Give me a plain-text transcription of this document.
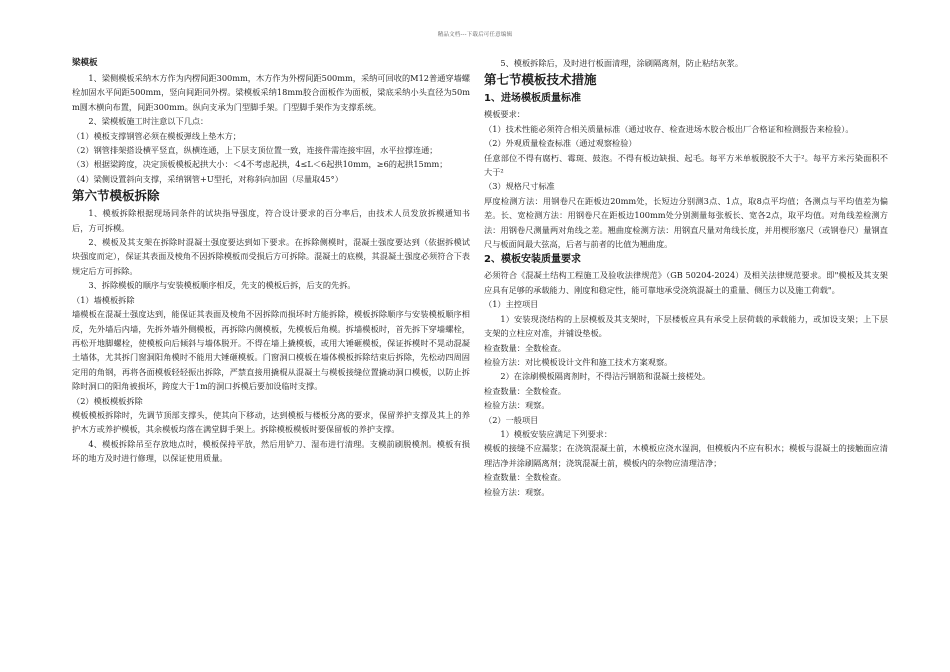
精品文档---下载后可任意编辑
梁模板
1、梁侧模板采纳木方作为内楞间距300mm，木方作为外楞间距500mm，采纳可回收的M12普通穿墙螺栓加固水平间距500mm，竖向间距同外楞。梁模板采纳18mm胶合面板作为面板，梁底采纳小头直径为50mm圆木横向布置，间距300mm。纵向支承为门型脚手架。门型脚手架作为支撑系统。
2、梁模板施工时注意以下几点：
（1）模板支撑钢管必须在模板弹线上垫木方；
（2）钢管排架搭设横平竖直，纵横连通，上下层支顶位置一致，连接件需连接牢固，水平拉撑连通；
（3）根据梁跨度，决定顶板模板起拱大小：＜4不考虑起拱，4≤L＜6起拱10mm，≥6的起拱15mm；
（4）梁侧设置斜向支撑，采纳钢管+U型托，对称斜向加固（尽量取45°）
第六节模板拆除
1、模板拆除根据现场同条件的试块指导强度，符合设计要求的百分率后，由技术人员发放拆模通知书后，方可拆模。
2、模板及其支架在拆除时混凝土强度要达到如下要求。在拆除侧模时，混凝土强度要达到（依据拆模试块强度而定），保证其表面及棱角不因拆除模板而受损后方可拆除。混凝土的底模，其混凝土强度必须符合下表规定后方可拆除。
3、拆除模板的顺序与安装模板顺序相反，先支的模板后拆，后支的先拆。
（1）墙模板拆除
墙模板在混凝土强度达到，能保证其表面及棱角不因拆除而损坏时方能拆除，模板拆除顺序与安装模板顺序相反，先外墙后内墙，先拆外墙外侧模板，再拆除内侧模板，先模板后角模。拆墙模板时，首先拆下穿墙螺栓，再松开地脚螺栓，使模板向后倾斜与墙体脱开。不得在墙上撬模板，或用大锤砸模板，保证拆模时不晃动混凝土墙体，尤其拆门窗洞阳角模时不能用大锤砸模板。门窗洞口模板在墙体模板拆除结束后拆除，先松动四周固定用的角钢，再将各面模板轻轻振出拆除，严禁直接用撬棍从混凝土与模板接缝位置撬动洞口模板，以防止拆除时洞口的阳角被损坏，跨度大于1m的洞口拆模后要加设临时支撑。
（2）模板模板拆除
模板模板拆除时，先调节顶部支撑头，使其向下移动，达到模板与楼板分离的要求，保留养护支撑及其上的养护木方或养护模板，其余模板均落在满堂脚手架上。拆除模板模板时要保留板的养护支撑。
4、模板拆除吊至存放地点时，模板保持平放，然后用铲刀、湿布进行清理。支模前刷脱模剂。模板有损坏的地方及时进行修理，以保证使用质量。
5、模板拆除后，及时进行板面清理，涂刷隔离剂，防止粘结灰浆。
第七节模板技术措施
1、进场模板质量标准
模板要求：
（1）技术性能必须符合相关质量标准（通过收存、检查进场木胶合板出厂合格证和检测报告来检验）。
（2）外观质量检查标准（通过观察检验）
任意部位不得有腐朽、霉斑、鼓泡。不得有板边缺损、起毛。每平方米单板脱胶不大于²。每平方米污染面积不大于²
（3）规格尺寸标准
厚度检测方法：用钢卷尺在距板边20mm处，长短边分别测3点、1点，取8点平均值；各测点与平均值差为偏差。长、宽检测方法：用钢卷尺在距板边100mm处分别测量每张板长、宽各2点，取平均值。对角线差检测方法：用钢卷尺测量两对角线之差。翘曲度检测方法：用钢直尺量对角线长度，并用楔形塞尺（或钢卷尺）量钢直尺与板面间最大弦高，后者与前者的比值为翘曲度。
2、模板安装质量要求
必须符合《混凝土结构工程施工及验收法律规范》（GB 50204-2024）及相关法律规范要求。即"模板及其支架应具有足够的承载能力、刚度和稳定性，能可靠地承受浇筑混凝土的重量、侧压力以及施工荷载"。
（1）主控项目
1）安装现浇结构的上层模板及其支架时，下层楼板应具有承受上层荷载的承载能力，或加设支架；上下层支架的立柱应对准，并铺设垫板。
检查数量：全数检查。
检验方法：对比模板设计文件和施工技术方案观察。
2）在涂刷模板隔离剂时，不得沾污钢筋和混凝土接槎处。
检查数量：全数检查。
检验方法：观察。
（2）一般项目
1）模板安装应满足下列要求：
模板的接缝不应漏浆；在浇筑混凝土前，木模板应浇水湿润，但模板内不应有积水；模板与混凝土的接触面应清理洁净并涂刷隔离剂；浇筑混凝土前，模板内的杂物应清理洁净；
检查数量：全数检查。
检验方法：观察。
